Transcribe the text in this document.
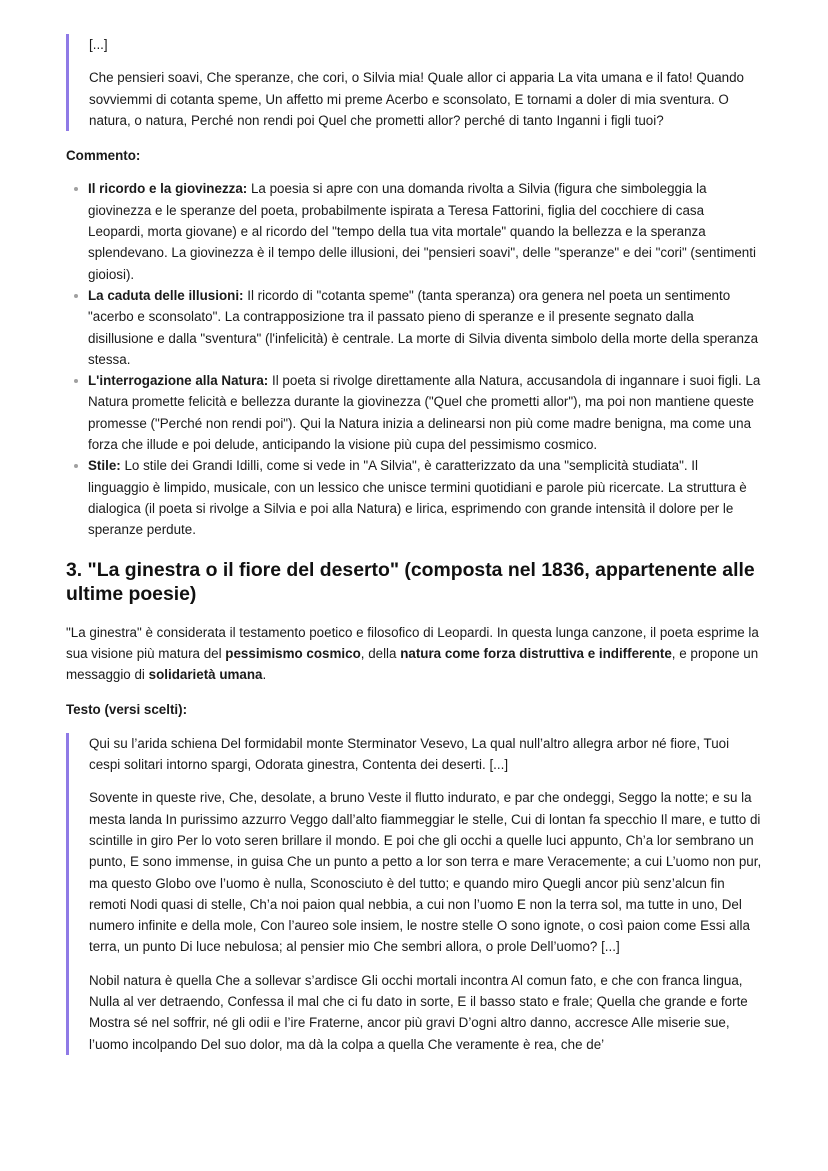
[...]

Che pensieri soavi, Che speranze, che cori, o Silvia mia! Quale allor ci apparia La vita umana e il fato! Quando sovviemmi di cotanta speme, Un affetto mi preme Acerbo e sconsolato, E tornami a doler di mia sventura. O natura, o natura, Perché non rendi poi Quel che prometti allor? perché di tanto Inganni i figli tuoi?

Commento:
Il ricordo e la giovinezza: La poesia si apre con una domanda rivolta a Silvia (figura che simboleggia la giovinezza e le speranze del poeta, probabilmente ispirata a Teresa Fattorini, figlia del cocchiere di casa Leopardi, morta giovane) e al ricordo del "tempo della tua vita mortale" quando la bellezza e la speranza splendevano. La giovinezza è il tempo delle illusioni, dei "pensieri soavi", delle "speranze" e dei "cori" (sentimenti gioiosi).
La caduta delle illusioni: Il ricordo di "cotanta speme" (tanta speranza) ora genera nel poeta un sentimento "acerbo e sconsolato". La contrapposizione tra il passato pieno di speranze e il presente segnato dalla disillusione e dalla "sventura" (l'infelicità) è centrale. La morte di Silvia diventa simbolo della morte della speranza stessa.
L'interrogazione alla Natura: Il poeta si rivolge direttamente alla Natura, accusandola di ingannare i suoi figli. La Natura promette felicità e bellezza durante la giovinezza ("Quel che prometti allor"), ma poi non mantiene queste promesse ("Perché non rendi poi"). Qui la Natura inizia a delinearsi non più come madre benigna, ma come una forza che illude e poi delude, anticipando la visione più cupa del pessimismo cosmico.
Stile: Lo stile dei Grandi Idilli, come si vede in "A Silvia", è caratterizzato da una "semplicità studiata". Il linguaggio è limpido, musicale, con un lessico che unisce termini quotidiani e parole più ricercate. La struttura è dialogica (il poeta si rivolge a Silvia e poi alla Natura) e lirica, esprimendo con grande intensità il dolore per le speranze perdute.
3. "La ginestra o il fiore del deserto" (composta nel 1836, appartenente alle ultime poesie)

"La ginestra" è considerata il testamento poetico e filosofico di Leopardi. In questa lunga canzone, il poeta esprime la sua visione più matura del pessimismo cosmico, della natura come forza distruttiva e indifferente, e propone un messaggio di solidarietà umana.

Testo (versi scelti):

Qui su l’arida schiena Del formidabil monte Sterminator Vesevo, La qual null’altro allegra arbor né fiore, Tuoi cespi solitari intorno spargi, Odorata ginestra, Contenta dei deserti. [...]

Sovente in queste rive, Che, desolate, a bruno Veste il flutto indurato, e par che ondeggi, Seggo la notte; e su la mesta landa In purissimo azzurro Veggo dall’alto fiammeggiar le stelle, Cui di lontan fa specchio Il mare, e tutto di scintille in giro Per lo voto seren brillare il mondo. E poi che gli occhi a quelle luci appunto, Ch’a lor sembrano un punto, E sono immense, in guisa Che un punto a petto a lor son terra e mare Veracemente; a cui L’uomo non pur, ma questo Globo ove l’uomo è nulla, Sconosciuto è del tutto; e quando miro Quegli ancor più senz’alcun fin remoti Nodi quasi di stelle, Ch’a noi paion qual nebbia, a cui non l’uomo E non la terra sol, ma tutte in uno, Del numero infinite e della mole, Con l’aureo sole insiem, le nostre stelle O sono ignote, o così paion come Essi alla terra, un punto Di luce nebulosa; al pensier mio Che sembri allora, o prole Dell’uomo? [...]

Nobil natura è quella Che a sollevar s’ardisce Gli occhi mortali incontra Al comun fato, e che con franca lingua, Nulla al ver detraendo, Confessa il mal che ci fu dato in sorte, E il basso stato e frale; Quella che grande e forte Mostra sé nel soffrir, né gli odii e l’ire Fraterne, ancor più gravi D’ogni altro danno, accresce Alle miserie sue, l’uomo incolpando Del suo dolor, ma dà la colpa a quella Che veramente è rea, che de’
